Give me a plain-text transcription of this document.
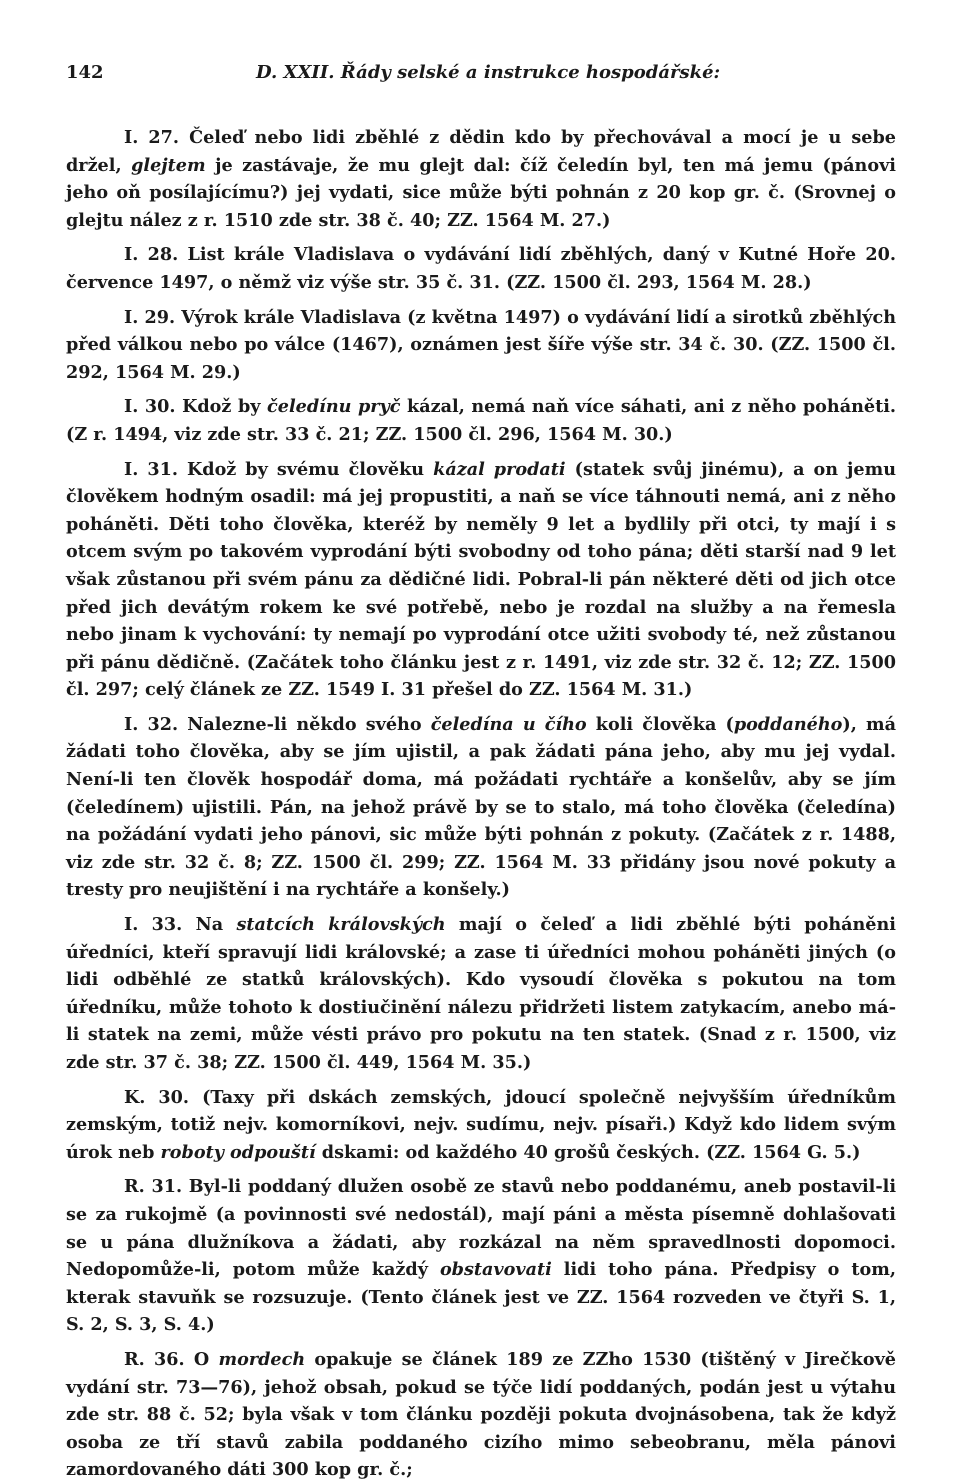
142	D. XXII. Řády selské a instrukce hospodářské:

I. 27. Čeleď nebo lidi zběhlé z dědin kdo by přechovával a mocí je u sebe držel, glejtem je zastávaje, že mu glejt dal: číž čeledín byl, ten má jemu (pánovi jeho oň posílajícímu?) jej vydati, sice může býti pohnán z 20 kop gr. č. (Srovnej o glejtu nález z r. 1510 zde str. 38 č. 40; ZZ. 1564 M. 27.)

I. 28. List krále Vladislava o vydávání lidí zběhlých, daný v Kutné Hoře 20. července 1497, o němž viz výše str. 35 č. 31. (ZZ. 1500 čl. 293, 1564 M. 28.)

I. 29. Výrok krále Vladislava (z května 1497) o vydávání lidí a sirotků zběhlých před válkou nebo po válce (1467), oznámen jest šíře výše str. 34 č. 30. (ZZ. 1500 čl. 292, 1564 M. 29.)

I. 30. Kdož by čeledínu pryč kázal, nemá naň více sáhati, ani z něho poháněti. (Z r. 1494, viz zde str. 33 č. 21; ZZ. 1500 čl. 296, 1564 M. 30.)

I. 31. Kdož by svému člověku kázal prodati (statek svůj jinému), a on jemu člověkem hodným osadil: má jej propustiti, a naň se více táhnouti nemá, ani z něho poháněti. Děti toho člověka, kteréž by neměly 9 let a bydlily při otci, ty mají i s otcem svým po takovém vyprodání býti svobodny od toho pána; děti starší nad 9 let však zůstanou při svém pánu za dědičné lidi. Pobral-li pán některé děti od jich otce před jich devátým rokem ke své potřebě, nebo je rozdal na služby a na řemesla nebo jinam k vychování: ty nemají po vyprodání otce užiti svobody té, než zůstanou při pánu dědičně. (Začátek toho článku jest z r. 1491, viz zde str. 32 č. 12; ZZ. 1500 čl. 297; celý článek ze ZZ. 1549 I. 31 přešel do ZZ. 1564 M. 31.)

I. 32. Nalezne-li někdo svého čeledína u čího koli člověka (poddaného), má žádati toho člověka, aby se jím ujistil, a pak žádati pána jeho, aby mu jej vydal. Není-li ten člověk hospodář doma, má požádati rychtáře a konšelův, aby se jím (čeledínem) ujistili. Pán, na jehož právě by se to stalo, má toho člověka (čeledína) na požádání vydati jeho pánovi, sic může býti pohnán z pokuty. (Začátek z r. 1488, viz zde str. 32 č. 8; ZZ. 1500 čl. 299; ZZ. 1564 M. 33 přidány jsou nové pokuty a tresty pro neujištění i na rychtáře a konšely.)

I. 33. Na statcích královských mají o čeleď a lidi zběhlé býti poháněni úředníci, kteří spravují lidi královské; a zase ti úředníci mohou poháněti jiných (o lidi odběhlé ze statků královských). Kdo vysoudí člověka s pokutou na tom úředníku, může tohoto k dostiučinění nálezu přidržeti listem zatykacím, anebo má-li statek na zemi, může vésti právo pro pokutu na ten statek. (Snad z r. 1500, viz zde str. 37 č. 38; ZZ. 1500 čl. 449, 1564 M. 35.)

K. 30. (Taxy při dskách zemských, jdoucí společně nejvyšším úředníkům zemským, totiž nejv. komorníkovi, nejv. sudímu, nejv. písaři.) Když kdo lidem svým úrok neb roboty odpouští dskami: od každého 40 grošů českých. (ZZ. 1564 G. 5.)

R. 31. Byl-li poddaný dlužen osobě ze stavů nebo poddanému, aneb postavil-li se za rukojmě (a povinnosti své nedostál), mají páni a města písemně dohlašovati se u pána dlužníkova a žádati, aby rozkázal na něm spravedlnosti dopomoci. Nedopomůže-li, potom může každý obstavovati lidi toho pána. Předpisy o tom, kterak stavuňk se rozsuzuje. (Tento článek jest ve ZZ. 1564 rozveden ve čtyři S. 1, S. 2, S. 3, S. 4.)

R. 36. O mordech opakuje se článek 189 ze ZZho 1530 (tištěný v Jirečkově vydání str. 73—76), jehož obsah, pokud se týče lidí poddaných, podán jest u výtahu zde str. 88 č. 52; byla však v tom článku později pokuta dvojnásobena, tak že když osoba ze tří stavů zabila poddaného cizího mimo sebeobranu, měla pánovi zamordovaného dáti 300 kop gr. č.;
